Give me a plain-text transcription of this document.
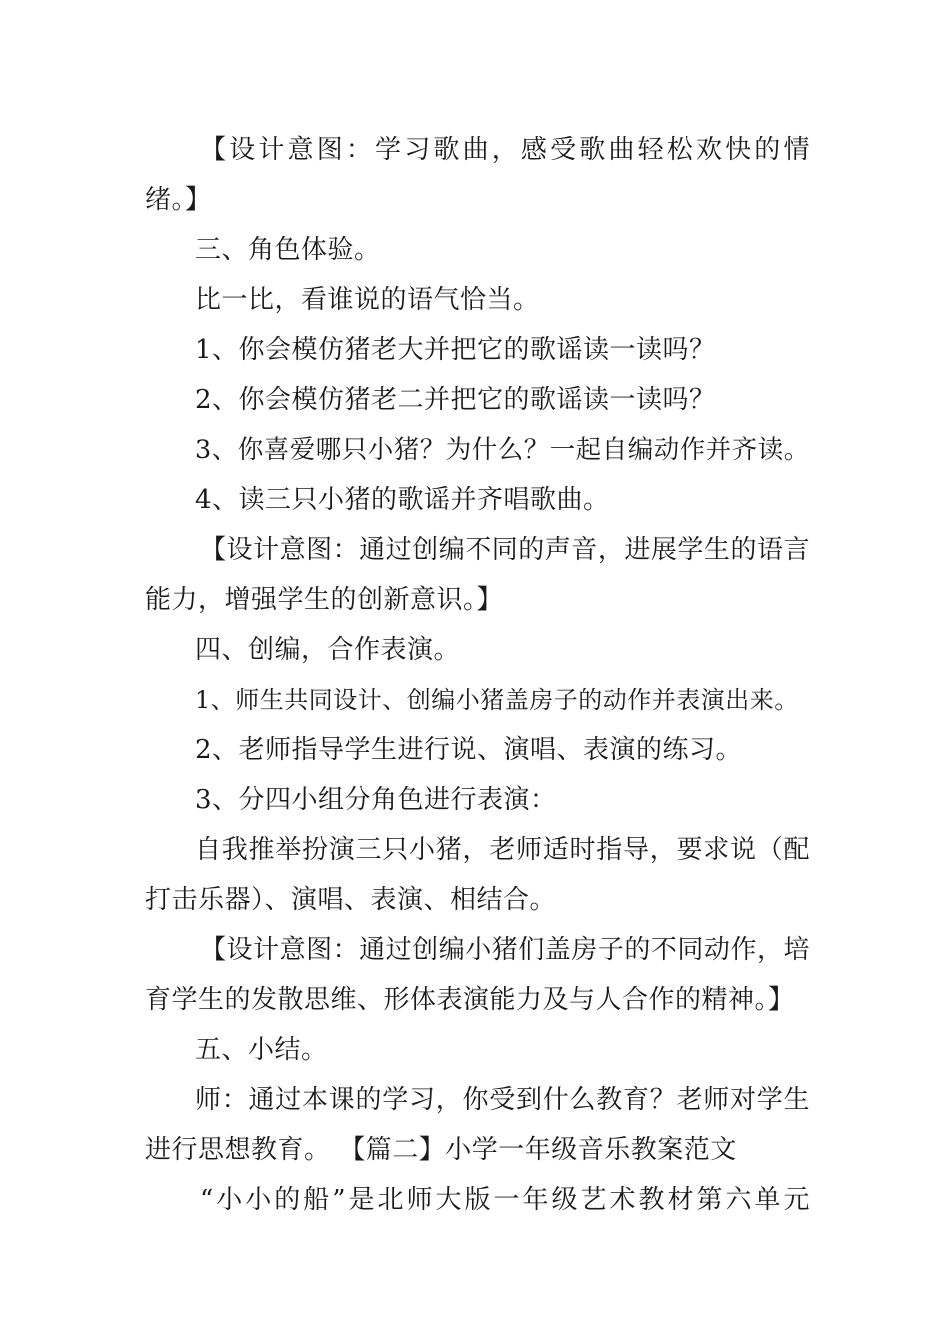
【设计意图：学习歌曲，感受歌曲轻松欢快的情
绪。】
三、角色体验。
比一比，看谁说的语气恰当。
1、你会模仿猪老大并把它的歌谣读一读吗？
2、你会模仿猪老二并把它的歌谣读一读吗？
3、你喜爱哪只小猪？为什么？一起自编动作并齐读。
4、读三只小猪的歌谣并齐唱歌曲。
【设计意图：通过创编不同的声音，进展学生的语言
能力，增强学生的创新意识。】
四、创编，合作表演。
1、师生共同设计、创编小猪盖房子的动作并表演出来。
2、老师指导学生进行说、演唱、表演的练习。
3、分四小组分角色进行表演：
自我推举扮演三只小猪，老师适时指导，要求说（配
打击乐器）、演唱、表演、相结合。
【设计意图：通过创编小猪们盖房子的不同动作，培
育学生的发散思维、形体表演能力及与人合作的精神。】
五、小结。
师：通过本课的学习，你受到什么教育？老师对学生
进行思想教育。 【篇二】小学一年级音乐教案范文
“小小的船”是北师大版一年级艺术教材第六单元
